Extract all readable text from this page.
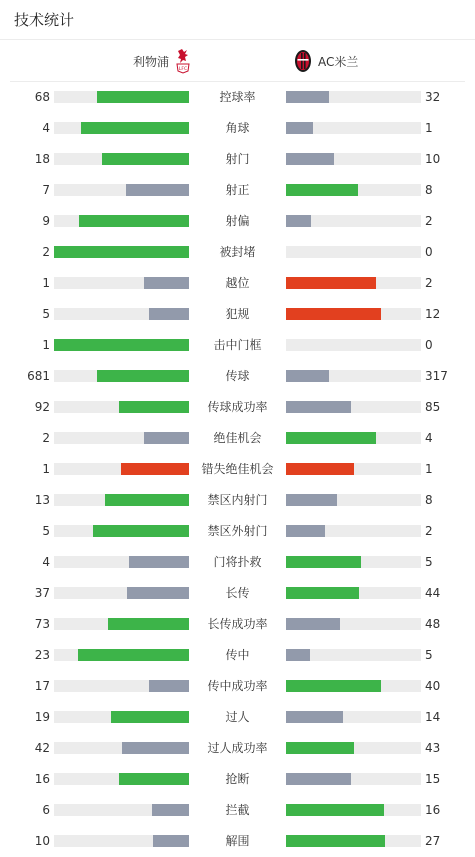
技术统计
利物浦
LFC
AC米兰
68	控球率	32
4	角球	1
18	射门	10
7	射正	8
9	射偏	2
2	被封堵	0
1	越位	2
5	犯规	12
1	击中门框	0
681	传球	317
92	传球成功率	85
2	绝佳机会	4
1	错失绝佳机会	1
13	禁区内射门	8
5	禁区外射门	2
4	门将扑救	5
37	长传	44
73	长传成功率	48
23	传中	5
17	传中成功率	40
19	过人	14
42	过人成功率	43
16	抢断	15
6	拦截	16
10	解围	27
